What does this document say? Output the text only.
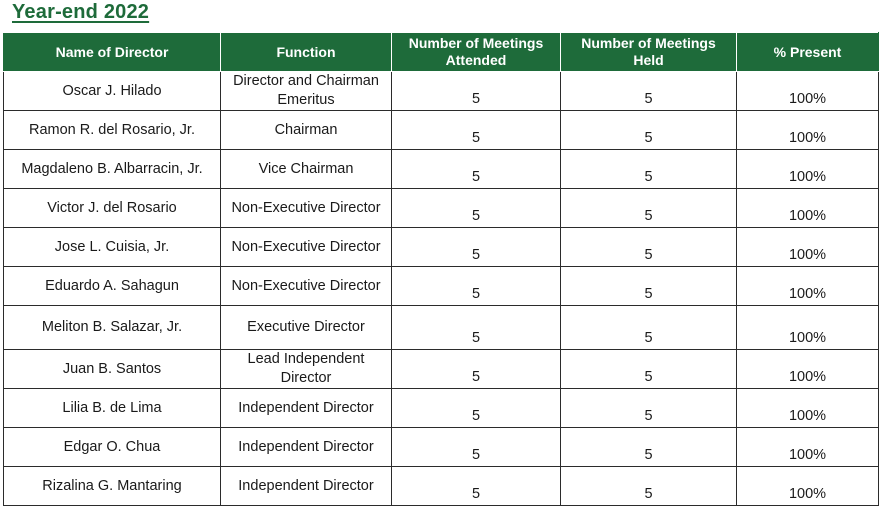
Year-end 2022
Name of Director	Function	Number of Meetings Attended	Number of Meetings Held	% Present
Oscar J. Hilado	Director and Chairman Emeritus	5	5	100%
Ramon R. del Rosario, Jr.	Chairman	5	5	100%
Magdaleno B. Albarracin, Jr.	Vice Chairman	5	5	100%
Victor J. del Rosario	Non-Executive Director	5	5	100%
Jose L. Cuisia, Jr.	Non-Executive Director	5	5	100%
Eduardo A. Sahagun	Non-Executive Director	5	5	100%
Meliton B. Salazar, Jr.	Executive Director	5	5	100%
Juan B. Santos	Lead Independent Director	5	5	100%
Lilia B. de Lima	Independent Director	5	5	100%
Edgar O. Chua	Independent Director	5	5	100%
Rizalina G. Mantaring	Independent Director	5	5	100%
